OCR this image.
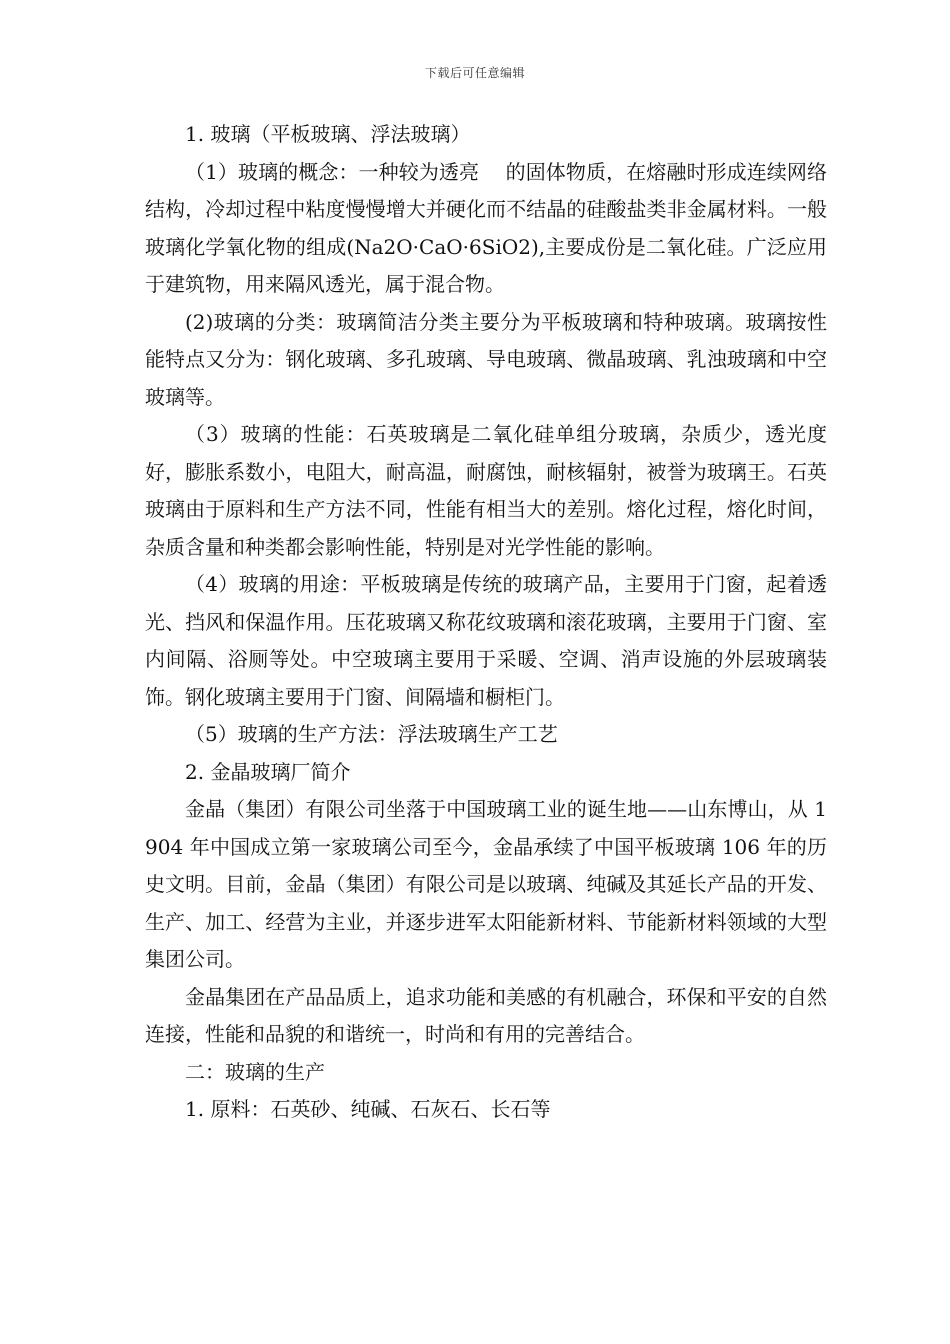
下载后可任意编辑

1. 玻璃（平板玻璃、浮法玻璃）

（1）玻璃的概念：一种较为透亮　 的固体物质，在熔融时形成连续网络结构，冷却过程中粘度慢慢增大并硬化而不结晶的硅酸盐类非金属材料。一般玻璃化学氧化物的组成(Na2O·CaO·6SiO2),主要成份是二氧化硅。广泛应用于建筑物，用来隔风透光，属于混合物。

(2)玻璃的分类：玻璃简洁分类主要分为平板玻璃和特种玻璃。玻璃按性能特点又分为：钢化玻璃、多孔玻璃、导电玻璃、微晶玻璃、乳浊玻璃和中空玻璃等。

（3）玻璃的性能：石英玻璃是二氧化硅单组分玻璃，杂质少，透光度好，膨胀系数小，电阻大，耐高温，耐腐蚀，耐核辐射，被誉为玻璃王。石英玻璃由于原料和生产方法不同，性能有相当大的差别。熔化过程，熔化时间，杂质含量和种类都会影响性能，特别是对光学性能的影响。

（4）玻璃的用途：平板玻璃是传统的玻璃产品，主要用于门窗，起着透光、挡风和保温作用。压花玻璃又称花纹玻璃和滚花玻璃，主要用于门窗、室内间隔、浴厕等处。中空玻璃主要用于采暖、空调、消声设施的外层玻璃装饰。钢化玻璃主要用于门窗、间隔墙和橱柜门。

（5）玻璃的生产方法：浮法玻璃生产工艺

2. 金晶玻璃厂简介

金晶（集团）有限公司坐落于中国玻璃工业的诞生地——山东博山，从 1904 年中国成立第一家玻璃公司至今，金晶承续了中国平板玻璃 106 年的历史文明。目前，金晶（集团）有限公司是以玻璃、纯碱及其延长产品的开发、生产、加工、经营为主业，并逐步进军太阳能新材料、节能新材料领域的大型集团公司。

金晶集团在产品品质上，追求功能和美感的有机融合，环保和平安的自然连接，性能和品貌的和谐统一，时尚和有用的完善结合。

二：玻璃的生产

1. 原料：石英砂、纯碱、石灰石、长石等
